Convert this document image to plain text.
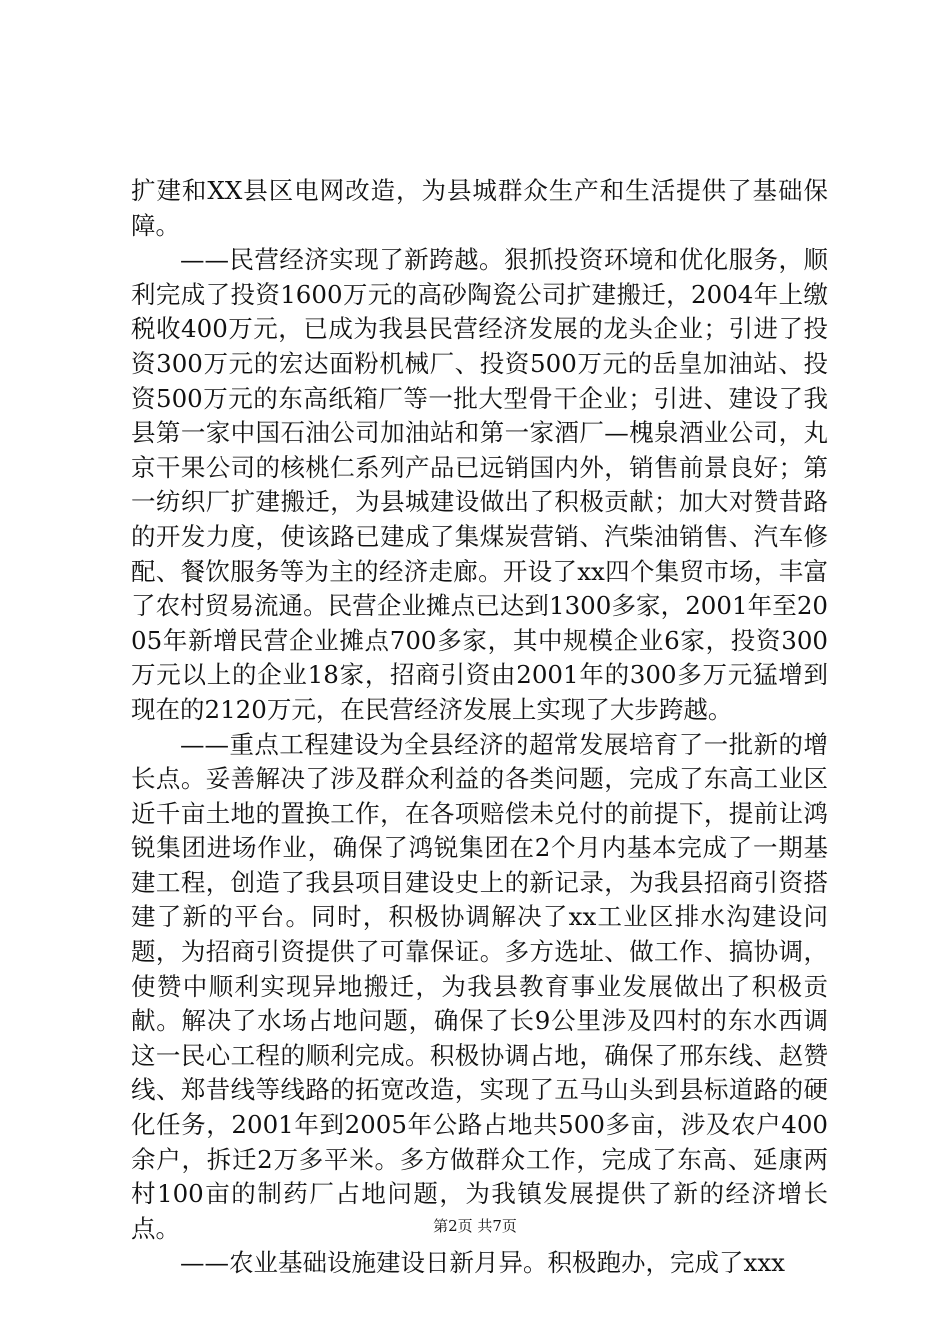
扩建和XX县区电网改造，为县城群众生产和生活提供了基础保障。

——民营经济实现了新跨越。狠抓投资环境和优化服务，顺利完成了投资1600万元的高砂陶瓷公司扩建搬迁，2004年上缴税收400万元，已成为我县民营经济发展的龙头企业；引进了投资300万元的宏达面粉机械厂、投资500万元的岳皇加油站、投资500万元的东高纸箱厂等一批大型骨干企业；引进、建设了我县第一家中国石油公司加油站和第一家酒厂—槐泉酒业公司，丸京干果公司的核桃仁系列产品已远销国内外，销售前景良好；第一纺织厂扩建搬迁，为县城建设做出了积极贡献；加大对赞昔路的开发力度，使该路已建成了集煤炭营销、汽柴油销售、汽车修配、餐饮服务等为主的经济走廊。开设了xx四个集贸市场，丰富了农村贸易流通。民营企业摊点已达到1300多家，2001年至2005年新增民营企业摊点700多家，其中规模企业6家，投资300万元以上的企业18家，招商引资由2001年的300多万元猛增到现在的2120万元，在民营经济发展上实现了大步跨越。

——重点工程建设为全县经济的超常发展培育了一批新的增长点。妥善解决了涉及群众利益的各类问题，完成了东高工业区近千亩土地的置换工作，在各项赔偿未兑付的前提下，提前让鸿锐集团进场作业，确保了鸿锐集团在2个月内基本完成了一期基建工程，创造了我县项目建设史上的新记录，为我县招商引资搭建了新的平台。同时，积极协调解决了xx工业区排水沟建设问题，为招商引资提供了可靠保证。多方选址、做工作、搞协调，使赞中顺利实现异地搬迁，为我县教育事业发展做出了积极贡献。解决了水场占地问题，确保了长9公里涉及四村的东水西调这一民心工程的顺利完成。积极协调占地，确保了邢东线、赵赞线、郑昔线等线路的拓宽改造，实现了五马山头到县标道路的硬化任务，2001年到2005年公路占地共500多亩，涉及农户400余户，拆迁2万多平米。多方做群众工作，完成了东高、延康两村100亩的制药厂占地问题，为我镇发展提供了新的经济增长点。

——农业基础设施建设日新月异。积极跑办，完成了xxx

第2页 共7页
